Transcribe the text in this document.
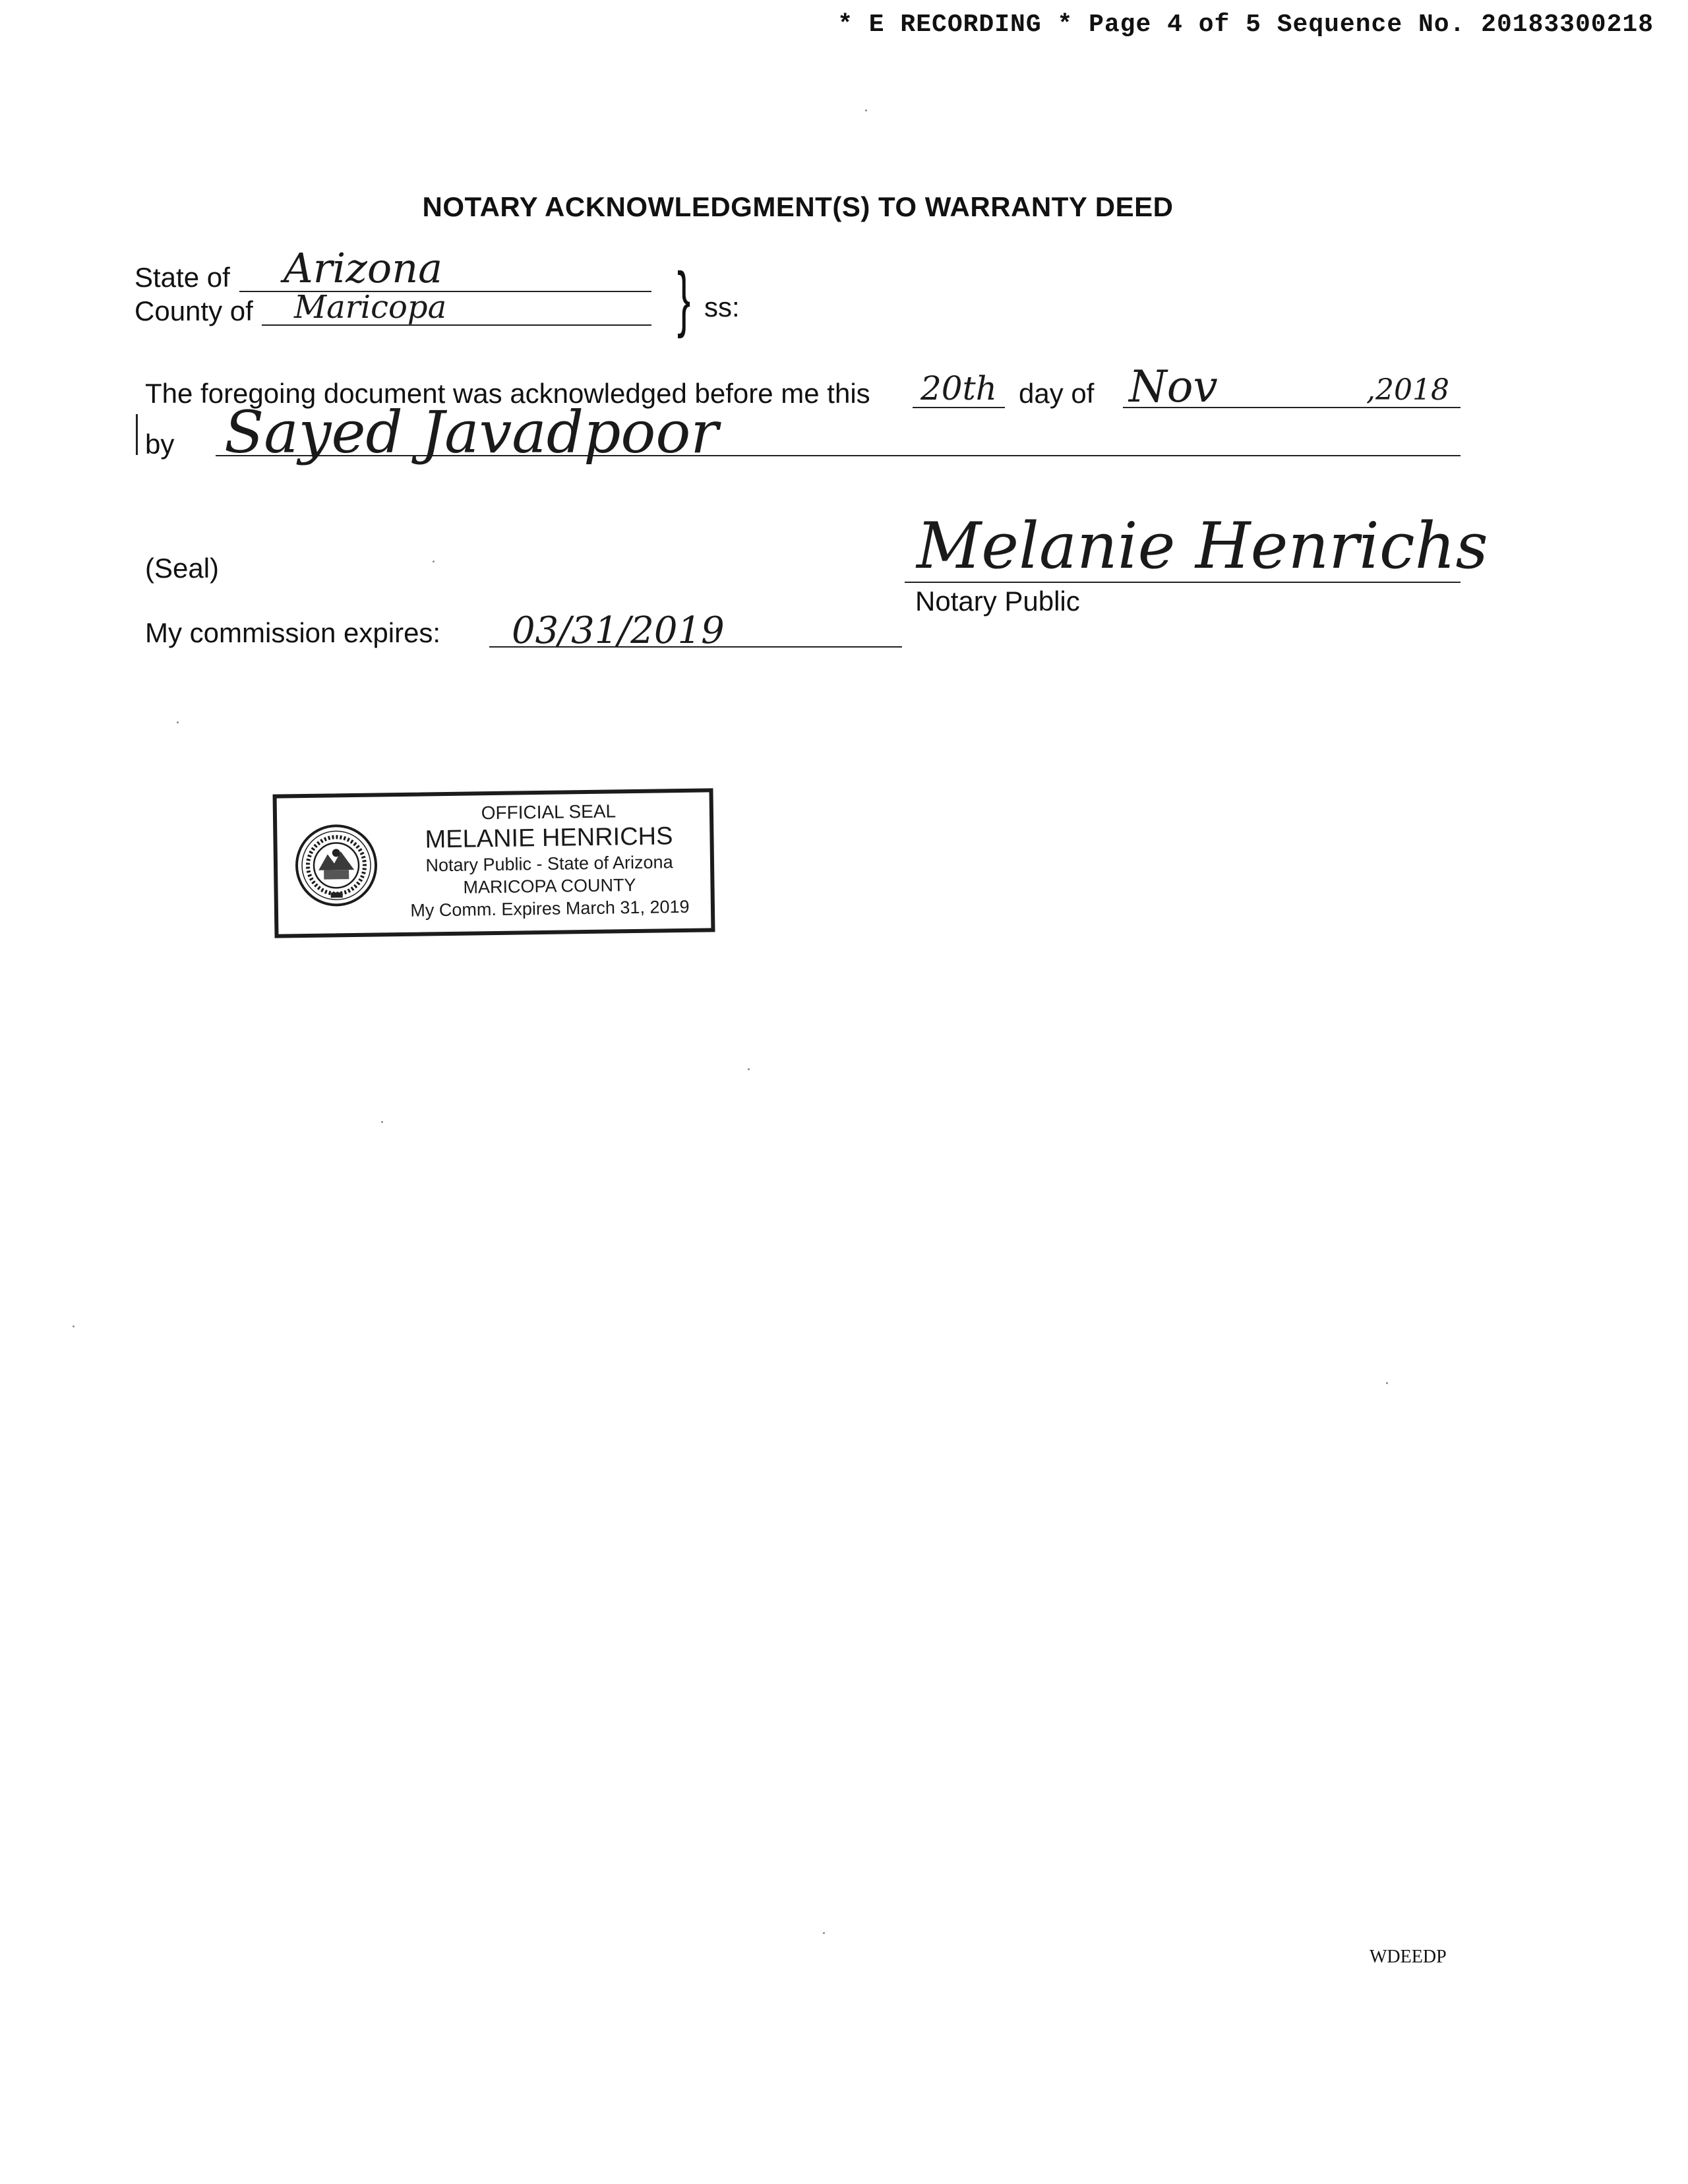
* E RECORDING * Page 4 of 5 Sequence No. 20183300218
NOTARY ACKNOWLEDGMENT(S) TO WARRANTY DEED
State of Arizona
County of Maricopa	} ss:
The foregoing document was acknowledged before me this 20th day of Nov	,2018
by Sayed Javadpoor
(Seal)	Melanie Henrichs
Notary Public
My commission expires: 03/31/2019
OFFICIAL SEAL
MELANIE HENRICHS
Notary Public - State of Arizona
MARICOPA COUNTY
My Comm. Expires March 31, 2019
WDEEDP
